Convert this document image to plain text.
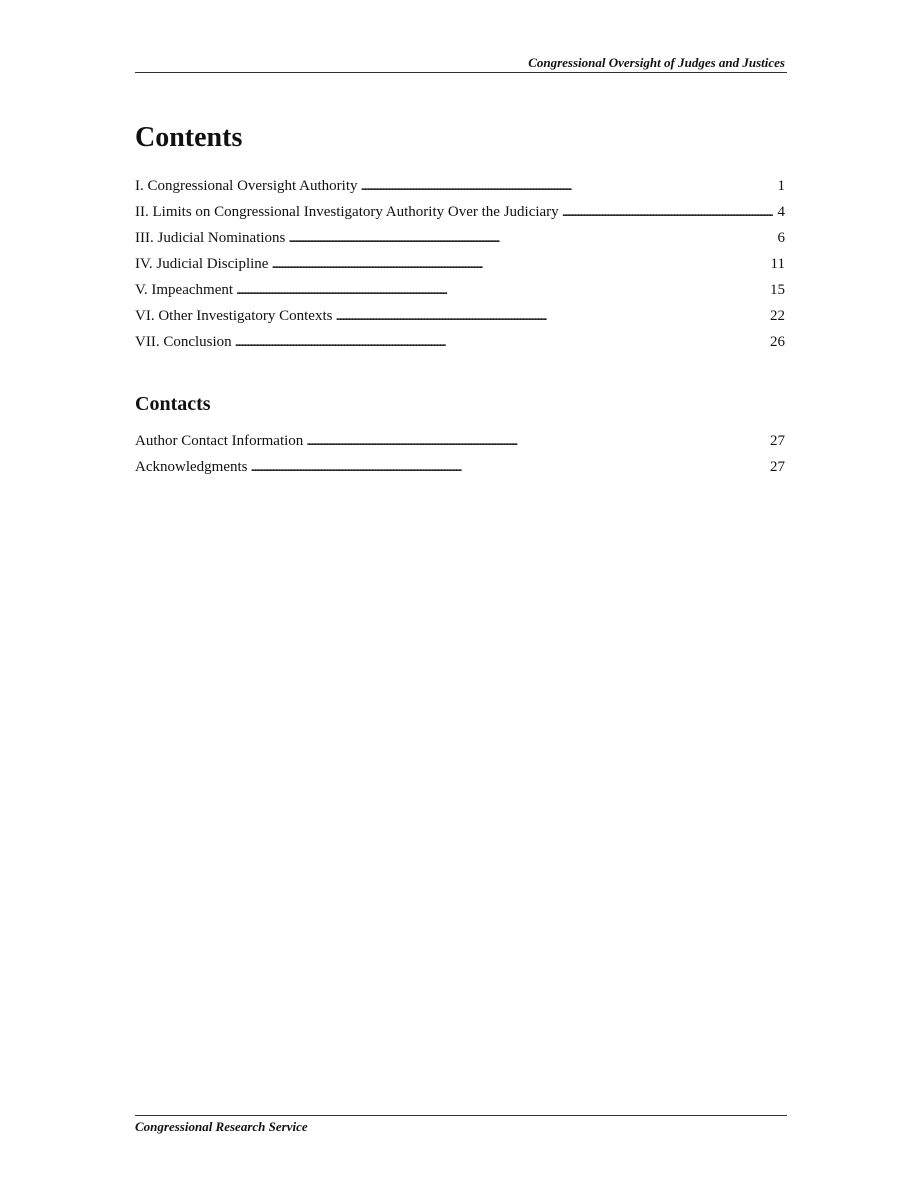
Congressional Oversight of Judges and Justices
Contents
I. Congressional Oversight Authority . . .	1
II. Limits on Congressional Investigatory Authority Over the Judiciary . . .	4
III. Judicial Nominations . . .	6
IV. Judicial Discipline . . .	11
V. Impeachment . . .	15
VI. Other Investigatory Contexts . . .	22
VII. Conclusion . . .	26
Contacts
Author Contact Information . . .	27
Acknowledgments . . .	27
Congressional Research Service
